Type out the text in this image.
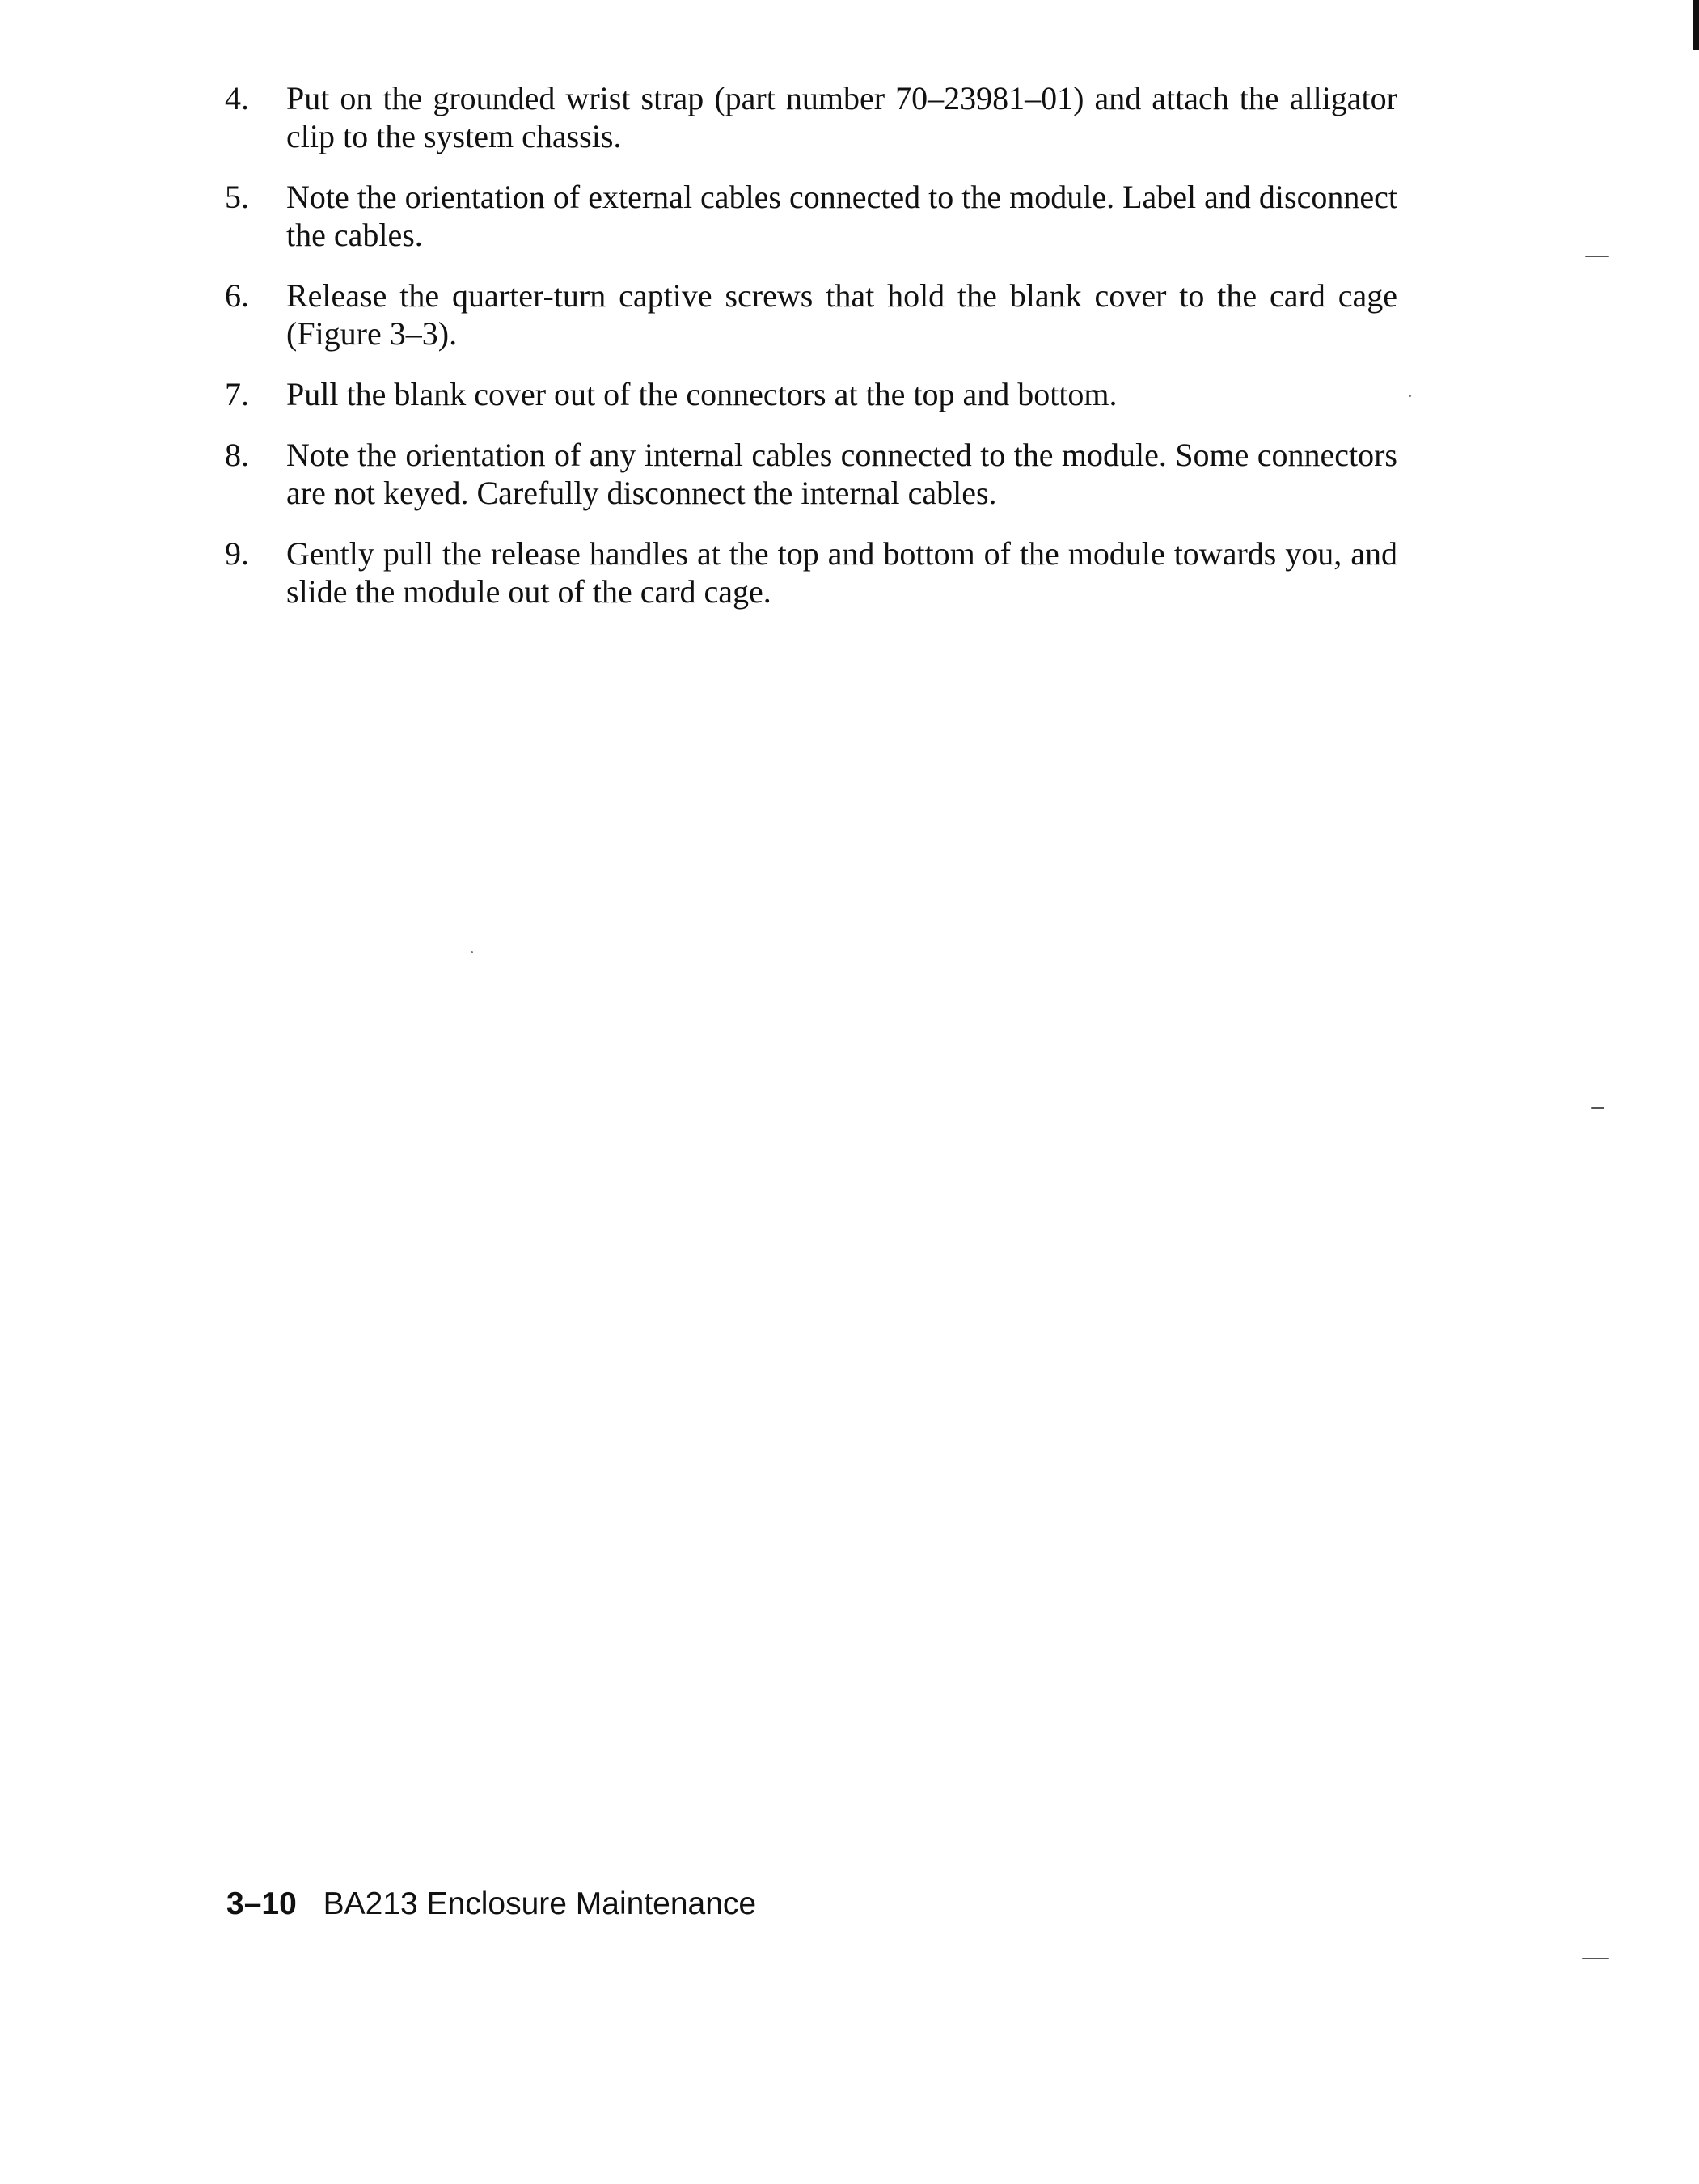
4.	Put on the grounded wrist strap (part number 70–23981–01) and attach the alligator clip to the system chassis.
5.	Note the orientation of external cables connected to the module. Label and disconnect the cables.
6.	Release the quarter-turn captive screws that hold the blank cover to the card cage (Figure 3–3).
7.	Pull the blank cover out of the connectors at the top and bottom.
8.	Note the orientation of any internal cables connected to the module. Some connectors are not keyed. Carefully disconnect the internal cables.
9.	Gently pull the release handles at the top and bottom of the module towards you, and slide the module out of the card cage.
3–10 BA213 Enclosure Maintenance
